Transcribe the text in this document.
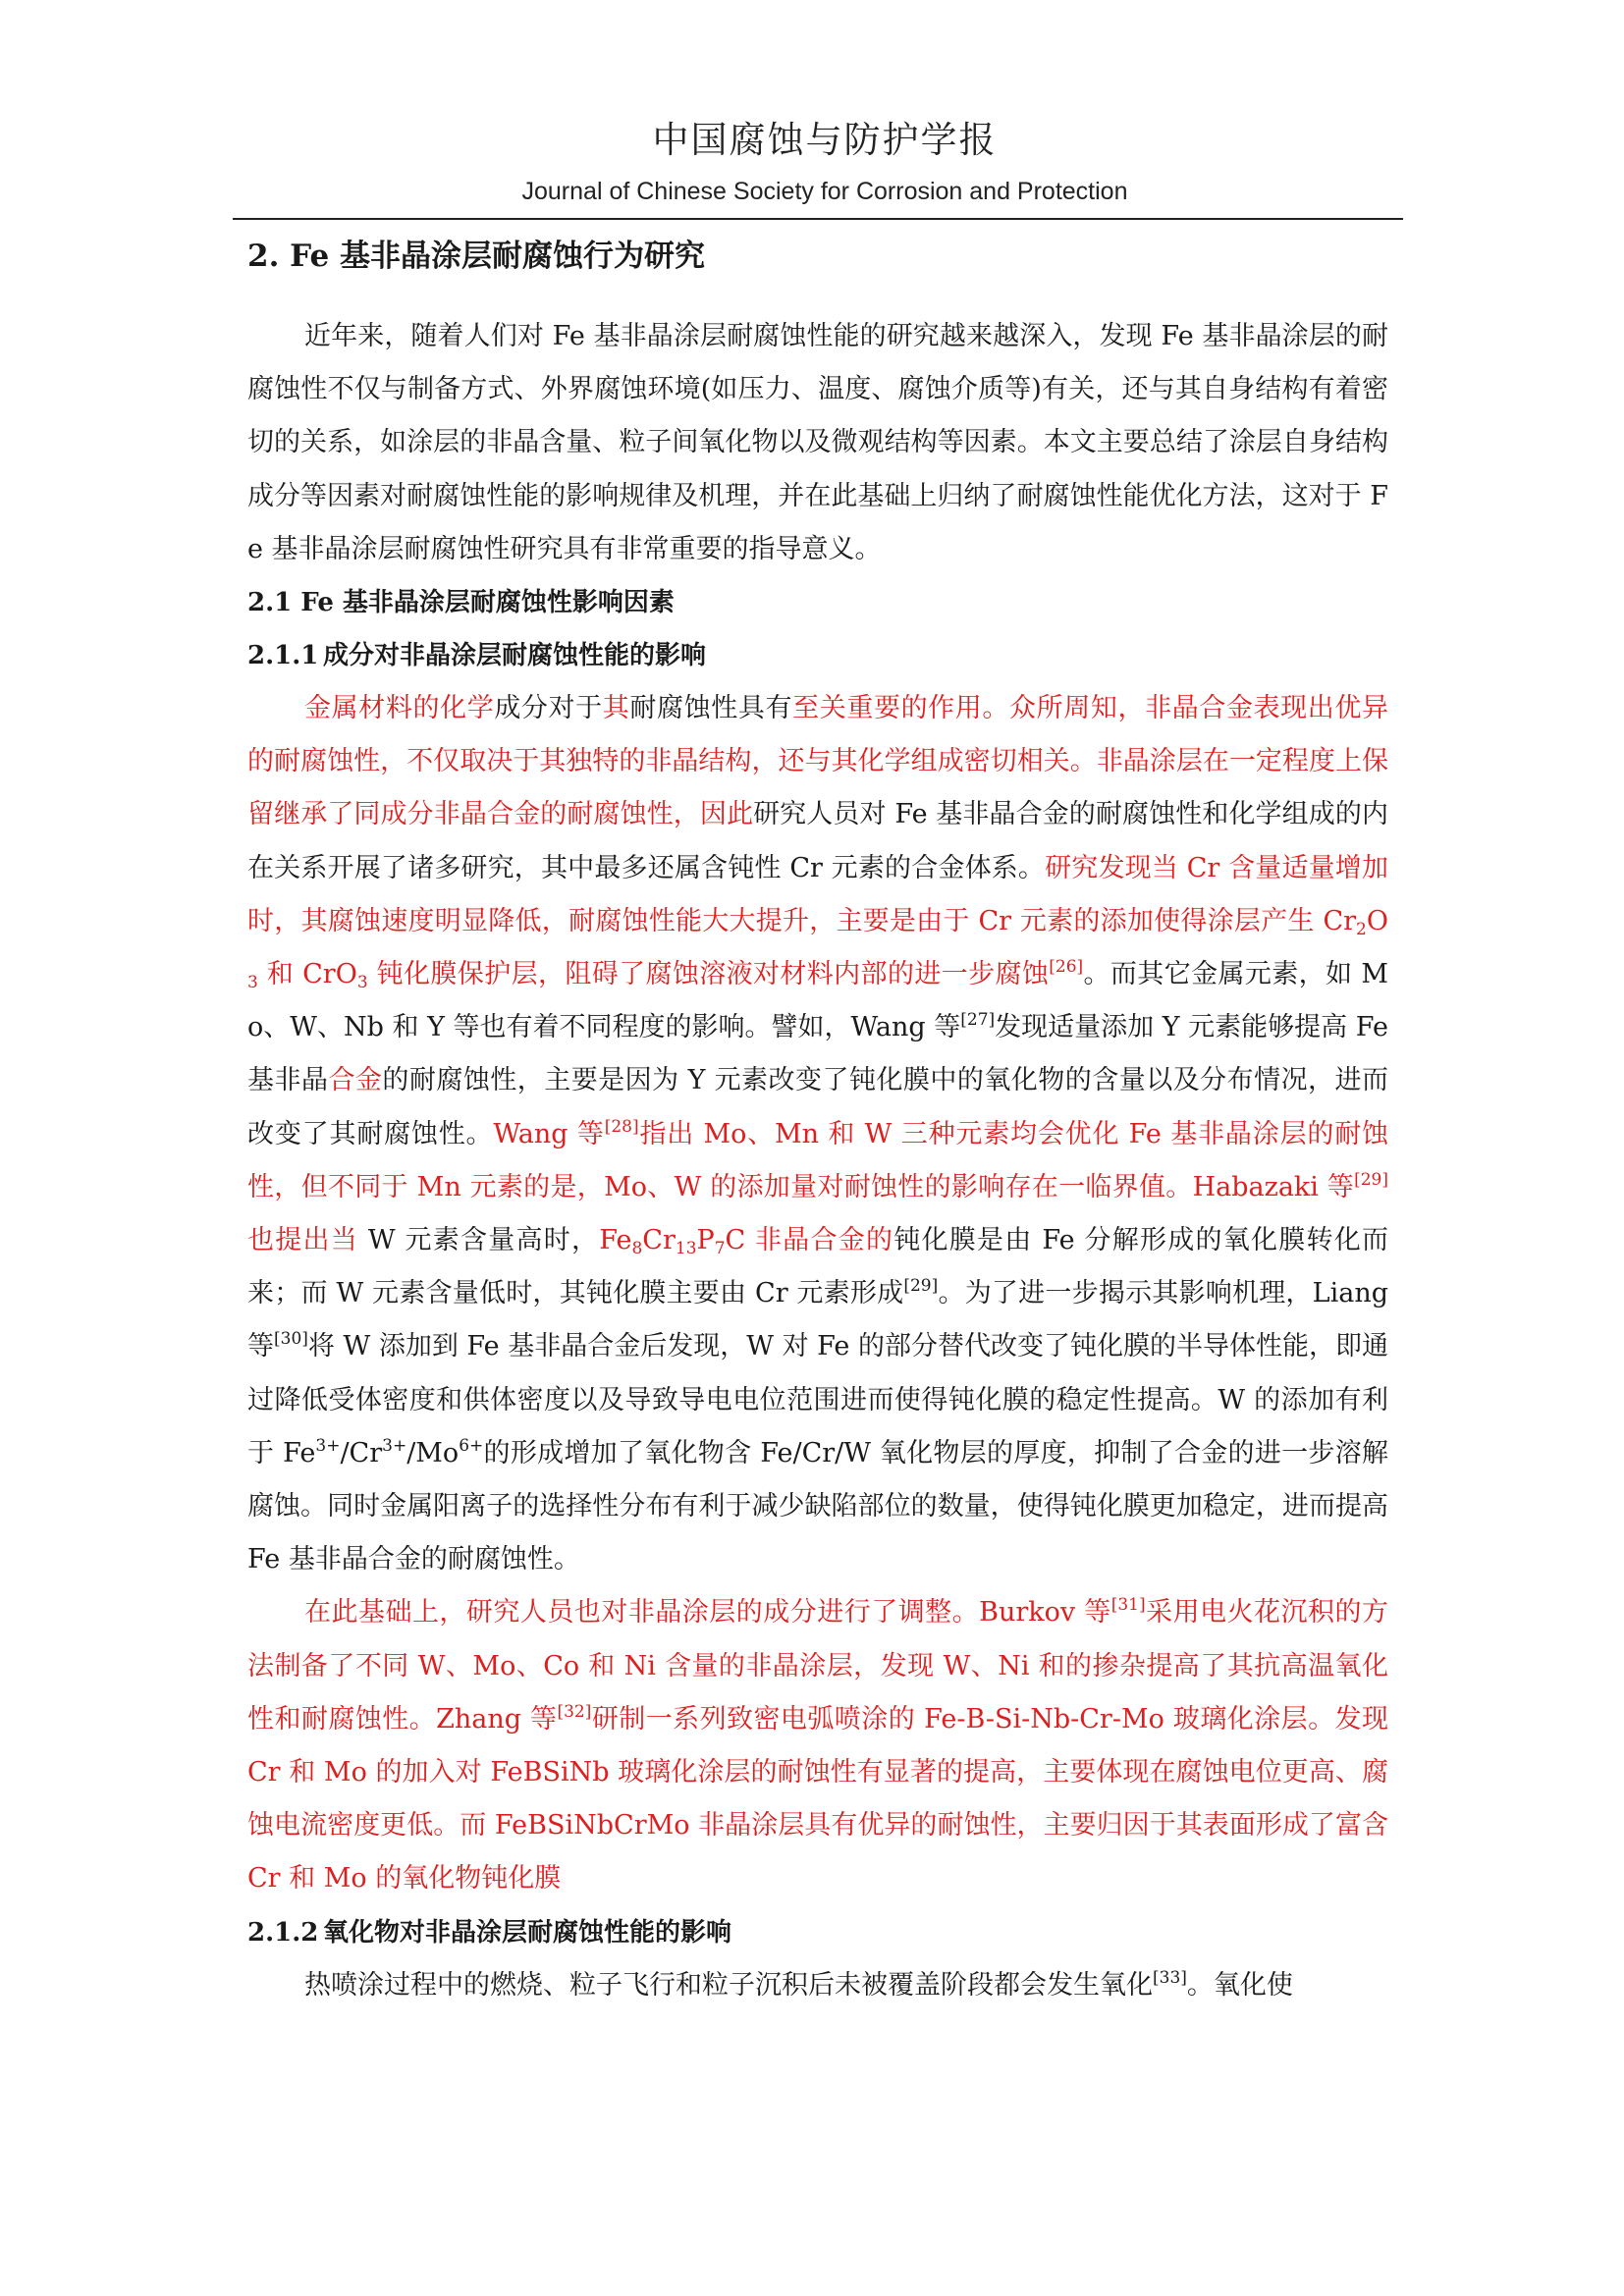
中国腐蚀与防护学报
Journal of Chinese Society for Corrosion and Protection
2. Fe 基非晶涂层耐腐蚀行为研究

近年来，随着人们对 Fe 基非晶涂层耐腐蚀性能的研究越来越深入，发现 Fe 基非晶涂层的耐腐蚀性不仅与制备方式、外界腐蚀环境(如压力、温度、腐蚀介质等)有关，还与其自身结构有着密切的关系，如涂层的非晶含量、粒子间氧化物以及微观结构等因素。本文主要总结了涂层自身结构成分等因素对耐腐蚀性能的影响规律及机理，并在此基础上归纳了耐腐蚀性能优化方法，这对于 Fe 基非晶涂层耐腐蚀性研究具有非常重要的指导意义。

2.1 Fe 基非晶涂层耐腐蚀性影响因素
2.1.1 成分对非晶涂层耐腐蚀性能的影响

金属材料的化学成分对于其耐腐蚀性具有至关重要的作用。众所周知，非晶合金表现出优异的耐腐蚀性，不仅取决于其独特的非晶结构，还与其化学组成密切相关。非晶涂层在一定程度上保留继承了同成分非晶合金的耐腐蚀性，因此研究人员对 Fe 基非晶合金的耐腐蚀性和化学组成的内在关系开展了诸多研究，其中最多还属含钝性 Cr 元素的合金体系。研究发现当 Cr 含量适量增加时，其腐蚀速度明显降低，耐腐蚀性能大大提升，主要是由于 Cr 元素的添加使得涂层产生 $Cr_2O_3$ 和 CrO$_3$ 钝化膜保护层，阻碍了腐蚀溶液对材料内部的进一步腐蚀[26]。而其它金属元素，如 Mo、W、Nb 和 Y 等也有着不同程度的影响。譬如，Wang 等[27]发现适量添加 Y 元素能够提高 Fe 基非晶合金的耐腐蚀性，主要是因为 Y 元素改变了钝化膜中的氧化物的含量以及分布情况，进而改变了其耐腐蚀性。Wang 等[28]指出 Mo、Mn 和 W 三种元素均会优化 Fe 基非晶涂层的耐蚀性，但不同于 Mn 元素的是，Mo、W 的添加量对耐蚀性的影响存在一临界值。Habazaki 等[29]也提出当 W 元素含量高时，$Fe_8Cr_{13}P_7C$ 非晶合金的钝化膜是由 Fe 分解形成的氧化膜转化而来；而 W 元素含量低时，其钝化膜主要由 Cr 元素形成[29]。为了进一步揭示其影响机理，Liang 等[30]将 W 添加到 Fe 基非晶合金后发现，W 对 Fe 的部分替代改变了钝化膜的半导体性能，即通过降低受体密度和供体密度以及导致导电电位范围进而使得钝化膜的稳定性提高。W 的添加有利于 $Fe^{3+}/Cr^{3+}/Mo^{6+}$的形成增加了氧化物含 Fe/Cr/W 氧化物层的厚度，抑制了合金的进一步溶解腐蚀。同时金属阳离子的选择性分布有利于减少缺陷部位的数量，使得钝化膜更加稳定，进而提高 Fe 基非晶合金的耐腐蚀性。

在此基础上，研究人员也对非晶涂层的成分进行了调整。Burkov 等[31]采用电火花沉积的方法制备了不同 W、Mo、Co 和 Ni 含量的非晶涂层，发现 W、Ni 和的掺杂提高了其抗高温氧化性和耐腐蚀性。Zhang 等[32]研制一系列致密电弧喷涂的 Fe-B-Si-Nb-Cr-Mo 玻璃化涂层。发现 Cr 和 Mo 的加入对 FeBSiNb 玻璃化涂层的耐蚀性有显著的提高，主要体现在腐蚀电位更高、腐蚀电流密度更低。而 FeBSiNbCrMo 非晶涂层具有优异的耐蚀性，主要归因于其表面形成了富含 Cr 和 Mo 的氧化物钝化膜

2.1.2 氧化物对非晶涂层耐腐蚀性能的影响

热喷涂过程中的燃烧、粒子飞行和粒子沉积后未被覆盖阶段都会发生氧化[33]。氧化使
